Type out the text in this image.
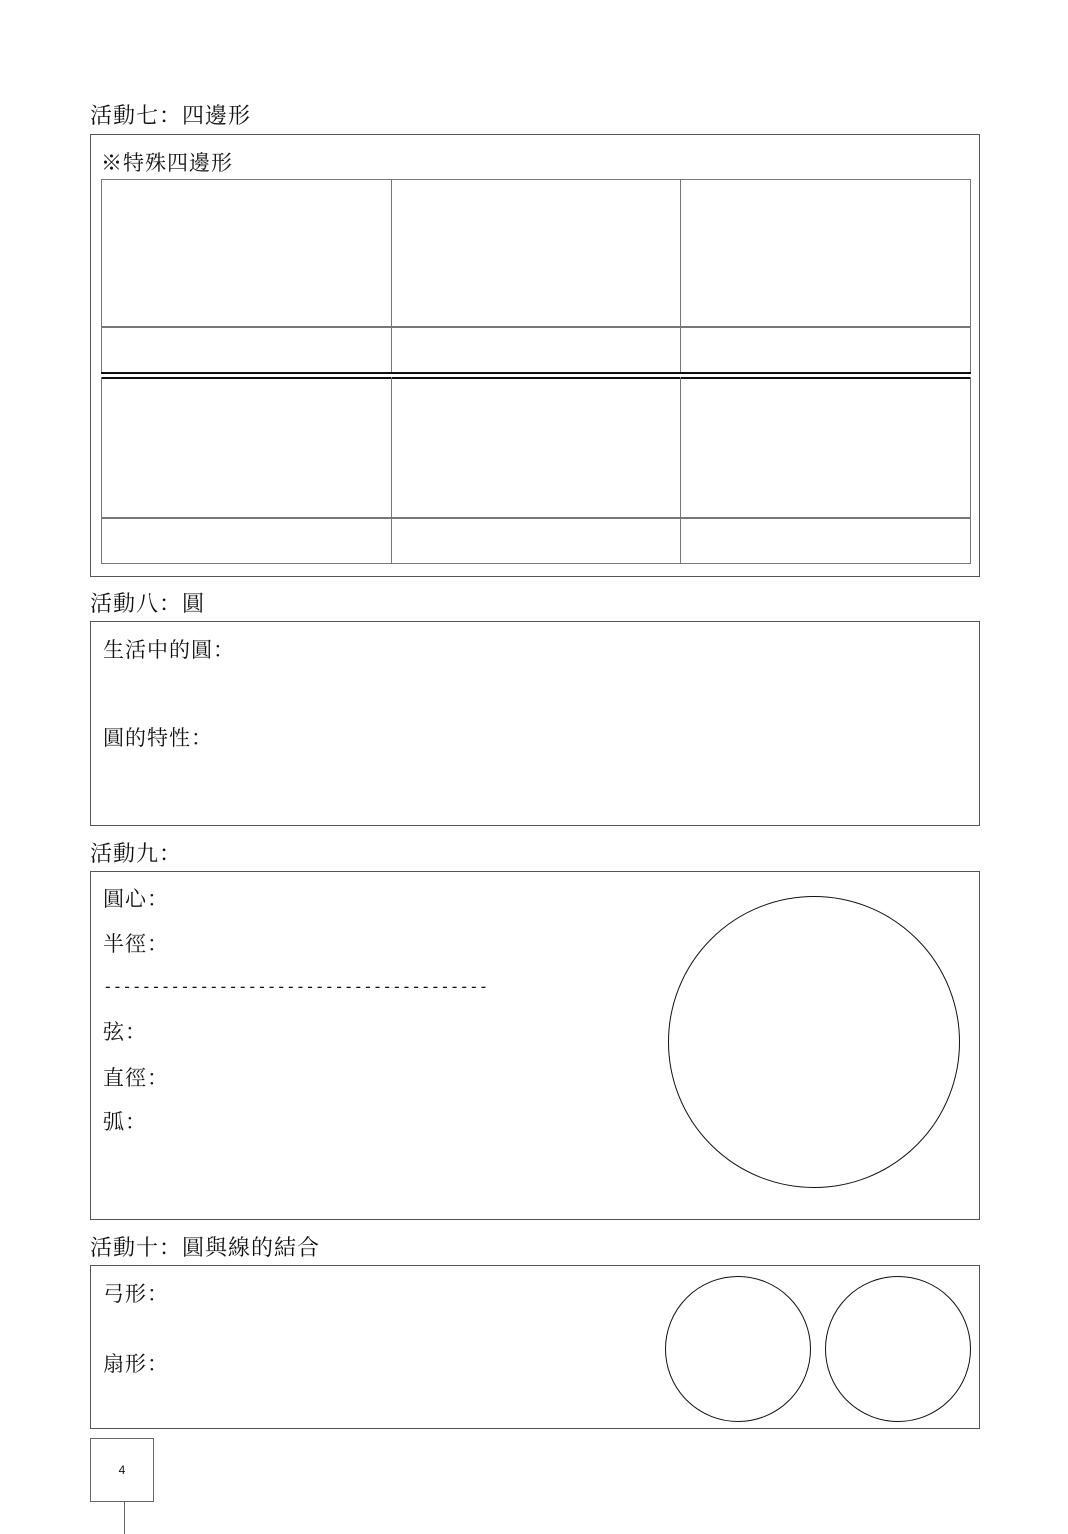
活動七：四邊形
※特殊四邊形
活動八：圓
生活中的圓：
圓的特性：
活動九：
圓心：
半徑：
----------------------------------------
弦：
直徑：
弧：
活動十：圓與線的結合
弓形：
扇形：
4
